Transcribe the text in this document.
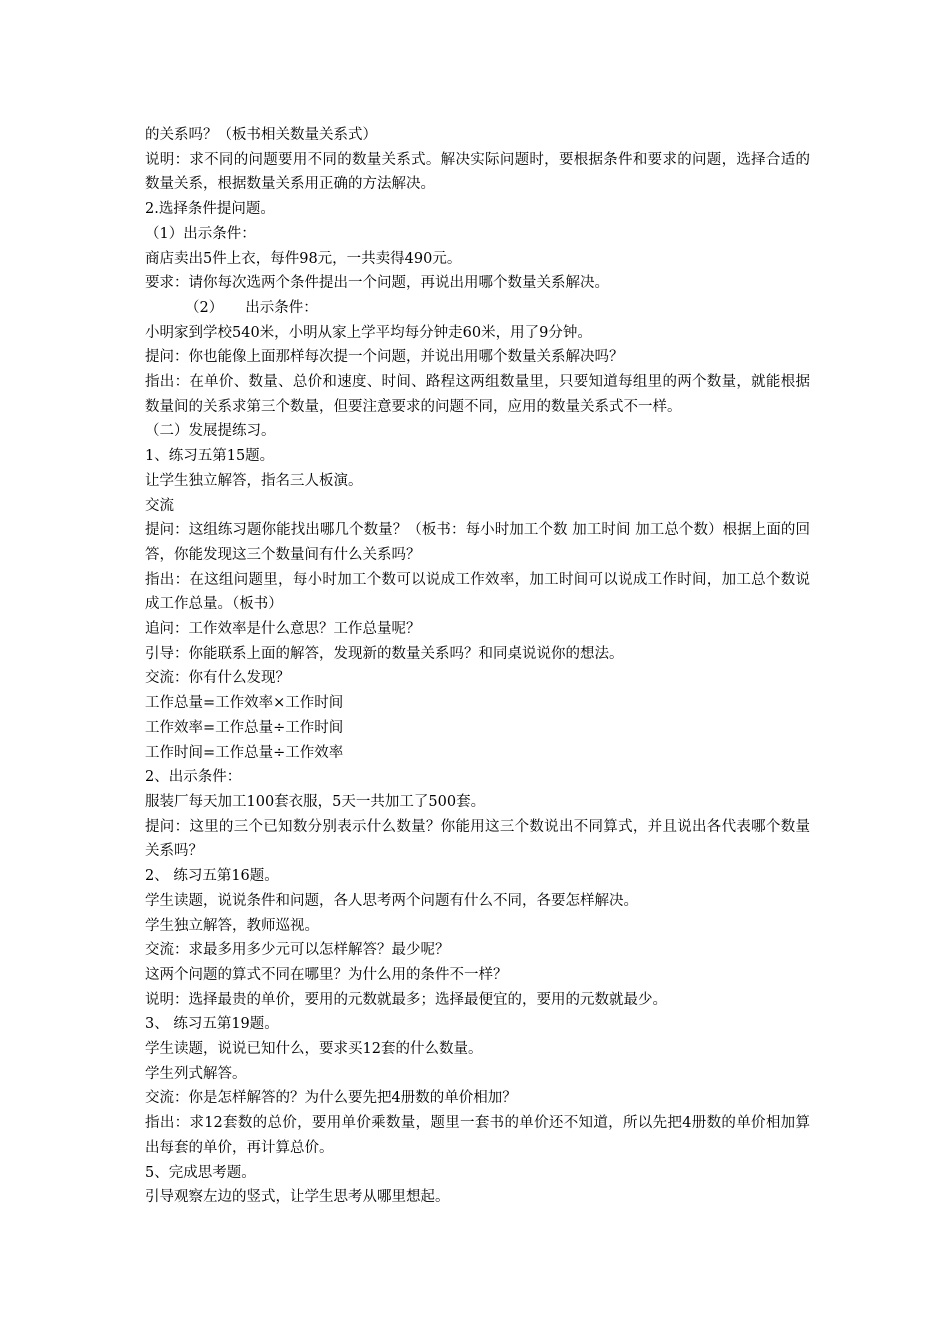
的关系吗？（板书相关数量关系式）

说明：求不同的问题要用不同的数量关系式。解决实际问题时，要根据条件和要求的问题，选择合适的数量关系，根据数量关系用正确的方法解决。

2.选择条件提问题。

（1）出示条件：

商店卖出5件上衣，每件98元，一共卖得490元。

要求：请你每次选两个条件提出一个问题，再说出用哪个数量关系解决。

（2） 出示条件：

小明家到学校540米，小明从家上学平均每分钟走60米，用了9分钟。

提问：你也能像上面那样每次提一个问题，并说出用哪个数量关系解决吗？

指出：在单价、数量、总价和速度、时间、路程这两组数量里，只要知道每组里的两个数量，就能根据数量间的关系求第三个数量，但要注意要求的问题不同，应用的数量关系式不一样。

（二）发展提练习。

1、练习五第15题。

让学生独立解答，指名三人板演。

交流

提问：这组练习题你能找出哪几个数量？（板书：每小时加工个数 加工时间 加工总个数）根据上面的回答，你能发现这三个数量间有什么关系吗？

指出：在这组问题里，每小时加工个数可以说成工作效率，加工时间可以说成工作时间，加工总个数说成工作总量。（板书）

追问：工作效率是什么意思？工作总量呢？

引导：你能联系上面的解答，发现新的数量关系吗？和同桌说说你的想法。

交流：你有什么发现？

工作总量=工作效率×工作时间

工作效率=工作总量÷工作时间

工作时间=工作总量÷工作效率

2、出示条件：

服装厂每天加工100套衣服，5天一共加工了500套。

提问：这里的三个已知数分别表示什么数量？你能用这三个数说出不同算式，并且说出各代表哪个数量关系吗？

2、 练习五第16题。

学生读题，说说条件和问题，各人思考两个问题有什么不同，各要怎样解决。

学生独立解答，教师巡视。

交流：求最多用多少元可以怎样解答？最少呢？

这两个问题的算式不同在哪里？为什么用的条件不一样？

说明：选择最贵的单价，要用的元数就最多；选择最便宜的，要用的元数就最少。

3、 练习五第19题。

学生读题，说说已知什么，要求买12套的什么数量。

学生列式解答。

交流：你是怎样解答的？为什么要先把4册数的单价相加？

指出：求12套数的总价，要用单价乘数量，题里一套书的单价还不知道，所以先把4册数的单价相加算出每套的单价，再计算总价。

5、完成思考题。

引导观察左边的竖式，让学生思考从哪里想起。
